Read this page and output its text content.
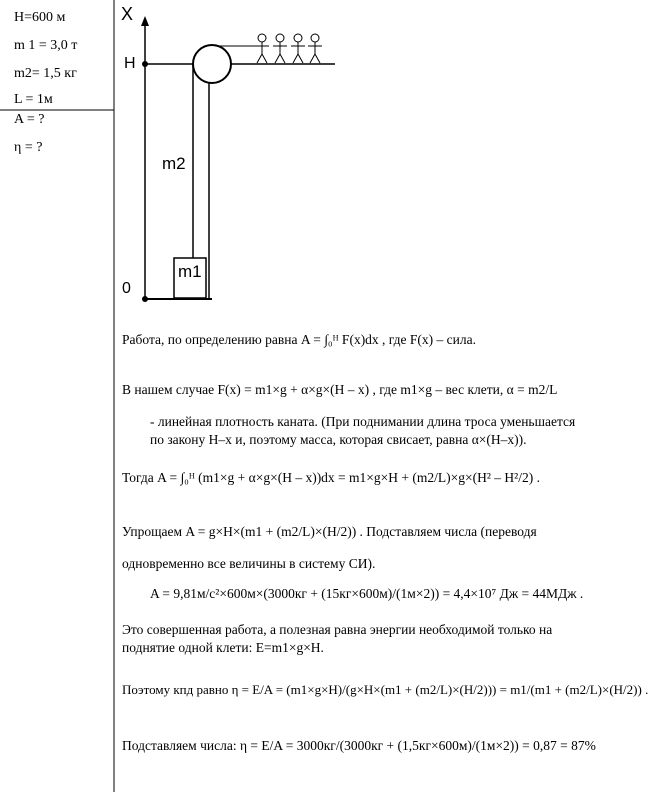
H=600 м
m 1 = 3,0 т
m2= 1,5 кг
L = 1м
A = ?
η = ?
X
H
0
m2
m1
Работа, по определению равна A = ∫₀ᴴ F(x)dx , где F(x) – сила.
В нашем случае F(x) = m1×g + α×g×(H – x) , где m1×g – вес клети, α = m2/L
- линейная плотность каната. (При поднимании длина троса уменьшается
по закону H–x и, поэтому масса, которая свисает, равна α×(H–x)).
Тогда A = ∫₀ᴴ (m1×g + α×g×(H – x))dx = m1×g×H + (m2/L)×g×(H² – H²/2) .
Упрощаем A = g×H×(m1 + (m2/L)×(H/2)) . Подставляем числа (переводя
одновременно все величины в систему СИ).
A = 9,81м/с²×600м×(3000кг + (15кг×600м)/(1м×2)) = 4,4×10⁷ Дж = 44МДж .
Это совершенная работа, а полезная равна энергии необходимой только на
поднятие одной клети: E=m1×g×H.
Поэтому кпд равно η = E/A = (m1×g×H)/(g×H×(m1 + (m2/L)×(H/2))) = m1/(m1 + (m2/L)×(H/2)) .
Подставляем числа: η = E/A = 3000кг/(3000кг + (1,5кг×600м)/(1м×2)) = 0,87 = 87%
